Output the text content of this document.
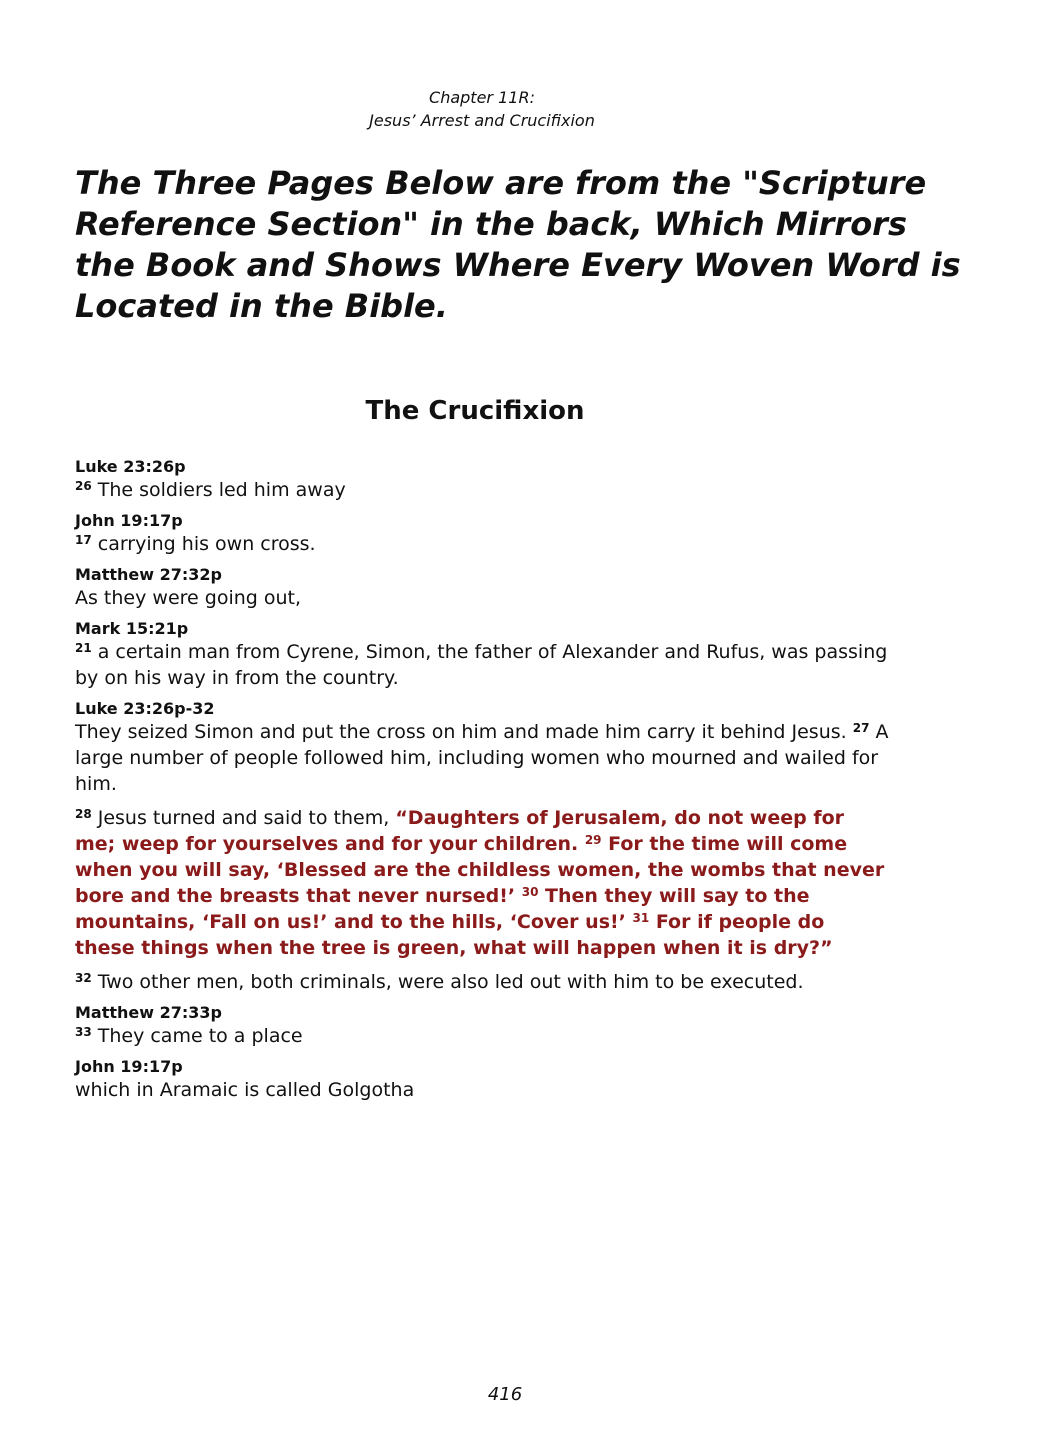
Chapter 11R:
Jesus’ Arrest and Crucifixion
The Three Pages Below are from the "Scripture Reference Section" in the back, Which Mirrors the Book and Shows Where Every Woven Word is Located in the Bible.
The Crucifixion
Luke 23:26p

$^{26}$ The soldiers led him away

John 19:17p

$^{17}$ carrying his own cross.

Matthew 27:32p

As they were going out,

Mark 15:21p

$^{21}$ a certain man from Cyrene, Simon, the father of Alexander and Rufus, was passing by on his way in from the country.

Luke 23:26p-32

They seized Simon and put the cross on him and made him carry it behind Jesus. $^{27}$ A large number of people followed him, including women who mourned and wailed for him.

$^{28}$ Jesus turned and said to them, “Daughters of Jerusalem, do not weep for me; weep for yourselves and for your children. $^{29}$ For the time will come when you will say, ‘Blessed are the childless women, the wombs that never bore and the breasts that never nursed!’ $^{30}$ Then they will say to the mountains, ‘Fall on us!’ and to the hills, ‘Cover us!’ $^{31}$ For if people do these things when the tree is green, what will happen when it is dry?”

$^{32}$ Two other men, both criminals, were also led out with him to be executed.

Matthew 27:33p

$^{33}$ They came to a place

John 19:17p

which in Aramaic is called Golgotha

416
